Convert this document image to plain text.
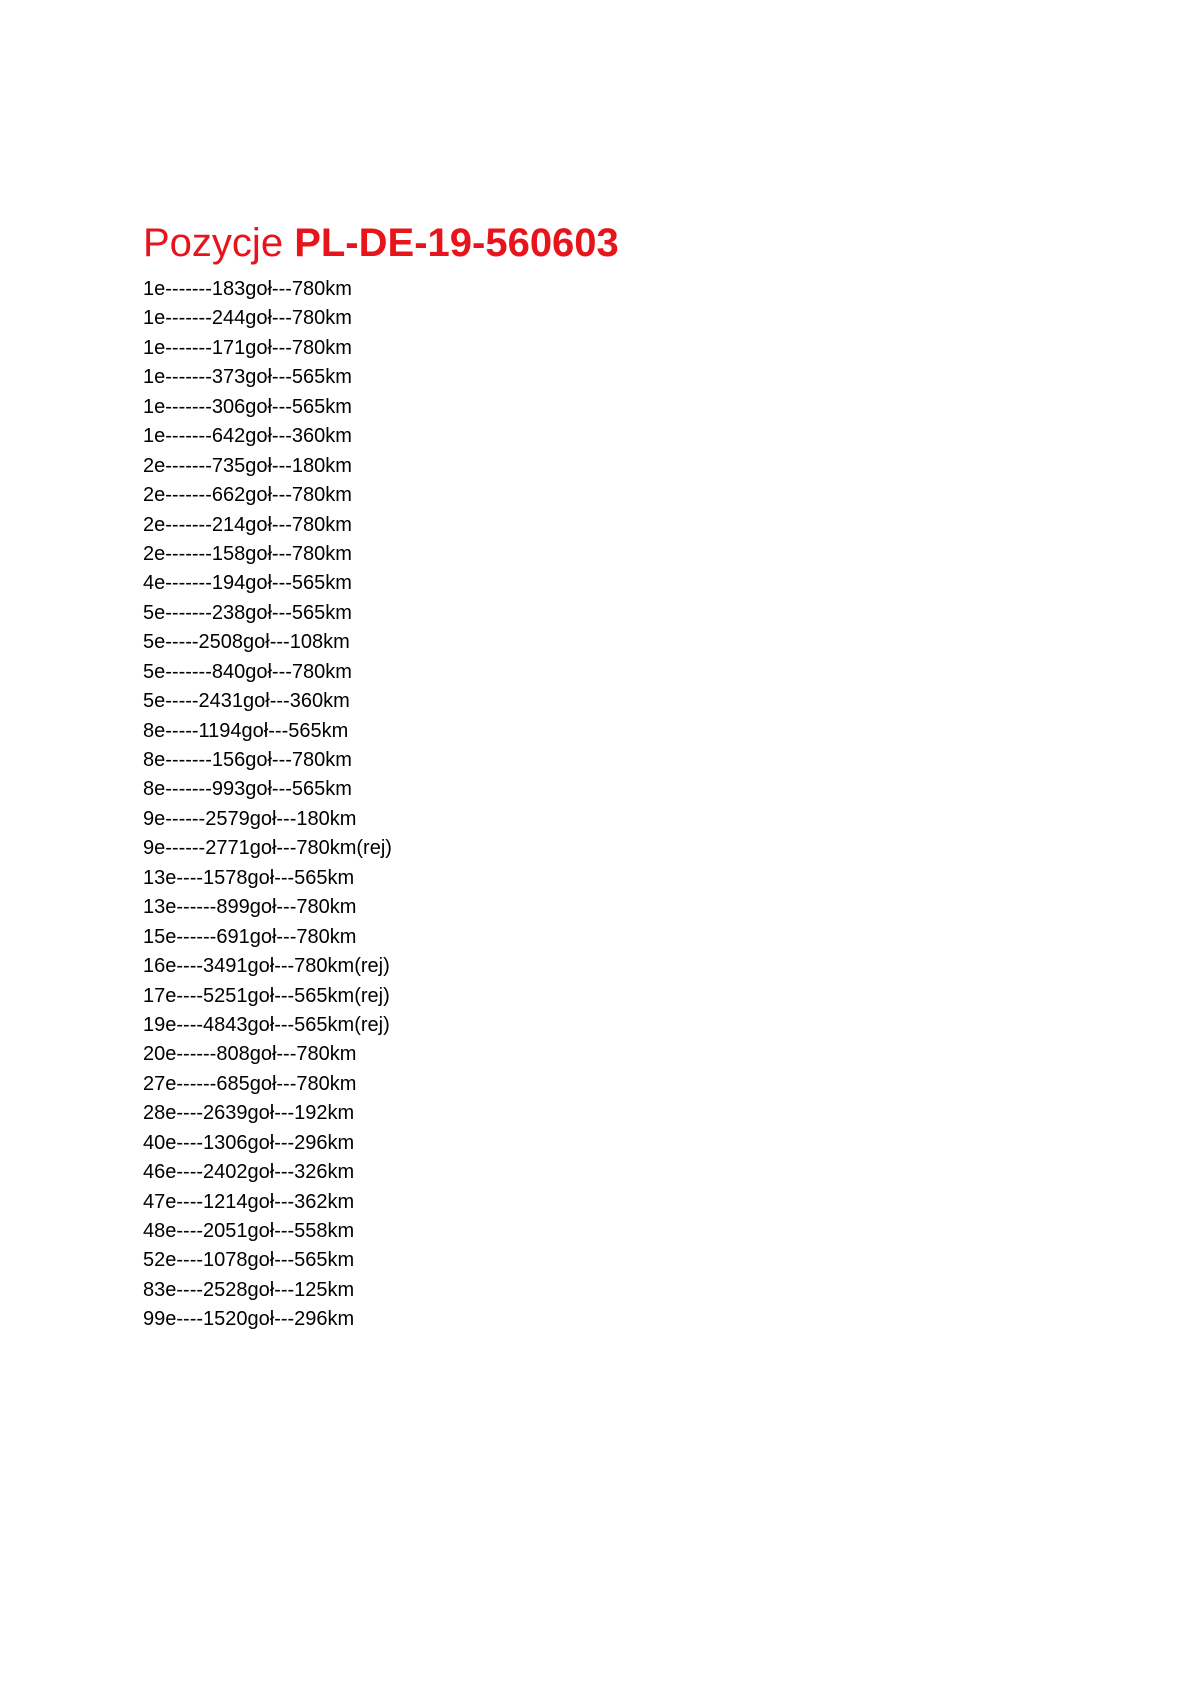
Pozycje PL-DE-19-560603
1e-------183goł---780km
1e-------244goł---780km
1e-------171goł---780km
1e-------373goł---565km
1e-------306goł---565km
1e-------642goł---360km
2e-------735goł---180km
2e-------662goł---780km
2e-------214goł---780km
2e-------158goł---780km
4e-------194goł---565km
5e-------238goł---565km
5e-----2508goł---108km
5e-------840goł---780km
5e-----2431goł---360km
8e-----1194goł---565km
8e-------156goł---780km
8e-------993goł---565km
9e------2579goł---180km
9e------2771goł---780km(rej)
13e----1578goł---565km
13e------899goł---780km
15e------691goł---780km
16e----3491goł---780km(rej)
17e----5251goł---565km(rej)
19e----4843goł---565km(rej)
20e------808goł---780km
27e------685goł---780km
28e----2639goł---192km
40e----1306goł---296km
46e----2402goł---326km
47e----1214goł---362km
48e----2051goł---558km
52e----1078goł---565km
83e----2528goł---125km
99e----1520goł---296km
